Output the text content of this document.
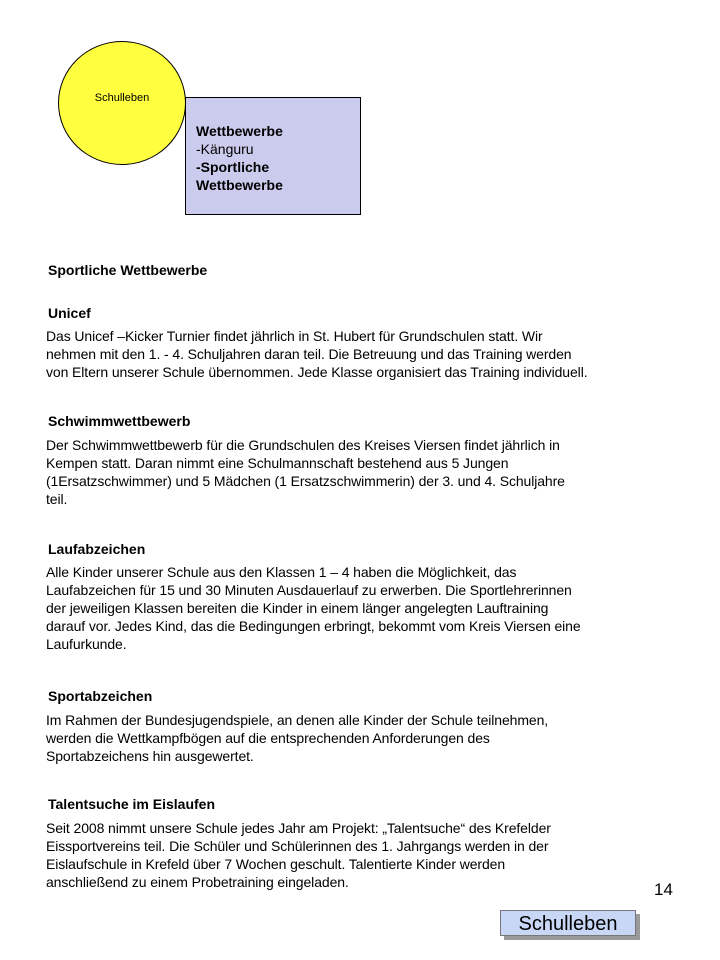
Schulleben
Wettbewerbe
-Känguru
-Sportliche
Wettbewerbe
Sportliche Wettbewerbe
Unicef
Das Unicef –Kicker Turnier findet jährlich in St. Hubert für Grundschulen statt. Wir
nehmen mit den 1. - 4. Schuljahren daran teil. Die Betreuung und das Training werden
von Eltern unserer Schule übernommen. Jede Klasse organisiert das Training individuell.
Schwimmwettbewerb
Der Schwimmwettbewerb für die Grundschulen des Kreises Viersen findet jährlich in
Kempen statt. Daran nimmt eine Schulmannschaft bestehend aus 5 Jungen
(1Ersatzschwimmer) und 5 Mädchen (1 Ersatzschwimmerin) der 3. und 4. Schuljahre
teil.
Laufabzeichen
Alle Kinder unserer Schule aus den Klassen 1 – 4 haben die Möglichkeit, das
Laufabzeichen für 15 und 30 Minuten Ausdauerlauf zu erwerben. Die Sportlehrerinnen
der jeweiligen Klassen bereiten die Kinder in einem länger angelegten Lauftraining
darauf vor. Jedes Kind, das die Bedingungen erbringt, bekommt vom Kreis Viersen eine
Laufurkunde.
Sportabzeichen
Im Rahmen der Bundesjugendspiele, an denen alle Kinder der Schule teilnehmen,
werden die Wettkampfbögen auf die entsprechenden Anforderungen des
Sportabzeichens hin ausgewertet.
Talentsuche im Eislaufen
Seit 2008 nimmt unsere Schule jedes Jahr am Projekt: „Talentsuche“ des Krefelder
Eissportvereins teil. Die Schüler und Schülerinnen des 1. Jahrgangs werden in der
Eislaufschule in Krefeld über 7 Wochen geschult. Talentierte Kinder werden
anschließend zu einem Probetraining eingeladen.	14
Schulleben
